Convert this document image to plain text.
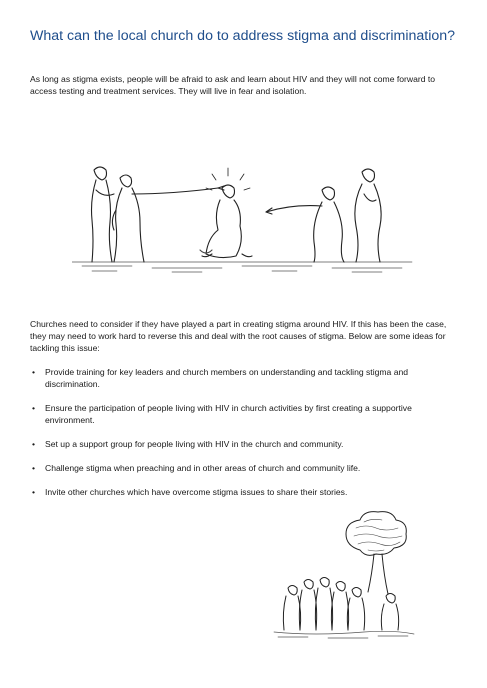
What can the local church do to address stigma and discrimination?

As long as stigma exists, people will be afraid to ask and learn about HIV and they will not come forward to access testing and treatment services. They will live in fear and isolation.

Churches need to consider if they have played a part in creating stigma around HIV. If this has been the case, they may need to work hard to reverse this and deal with the root causes of stigma. Below are some ideas for tackling this issue:

• Provide training for key leaders and church members on understanding and tackling stigma and discrimination.
• Ensure the participation of people living with HIV in church activities by first creating a supportive environment.
• Set up a support group for people living with HIV in the church and community.
• Challenge stigma when preaching and in other areas of church and community life.
• Invite other churches which have overcome stigma issues to share their stories.
